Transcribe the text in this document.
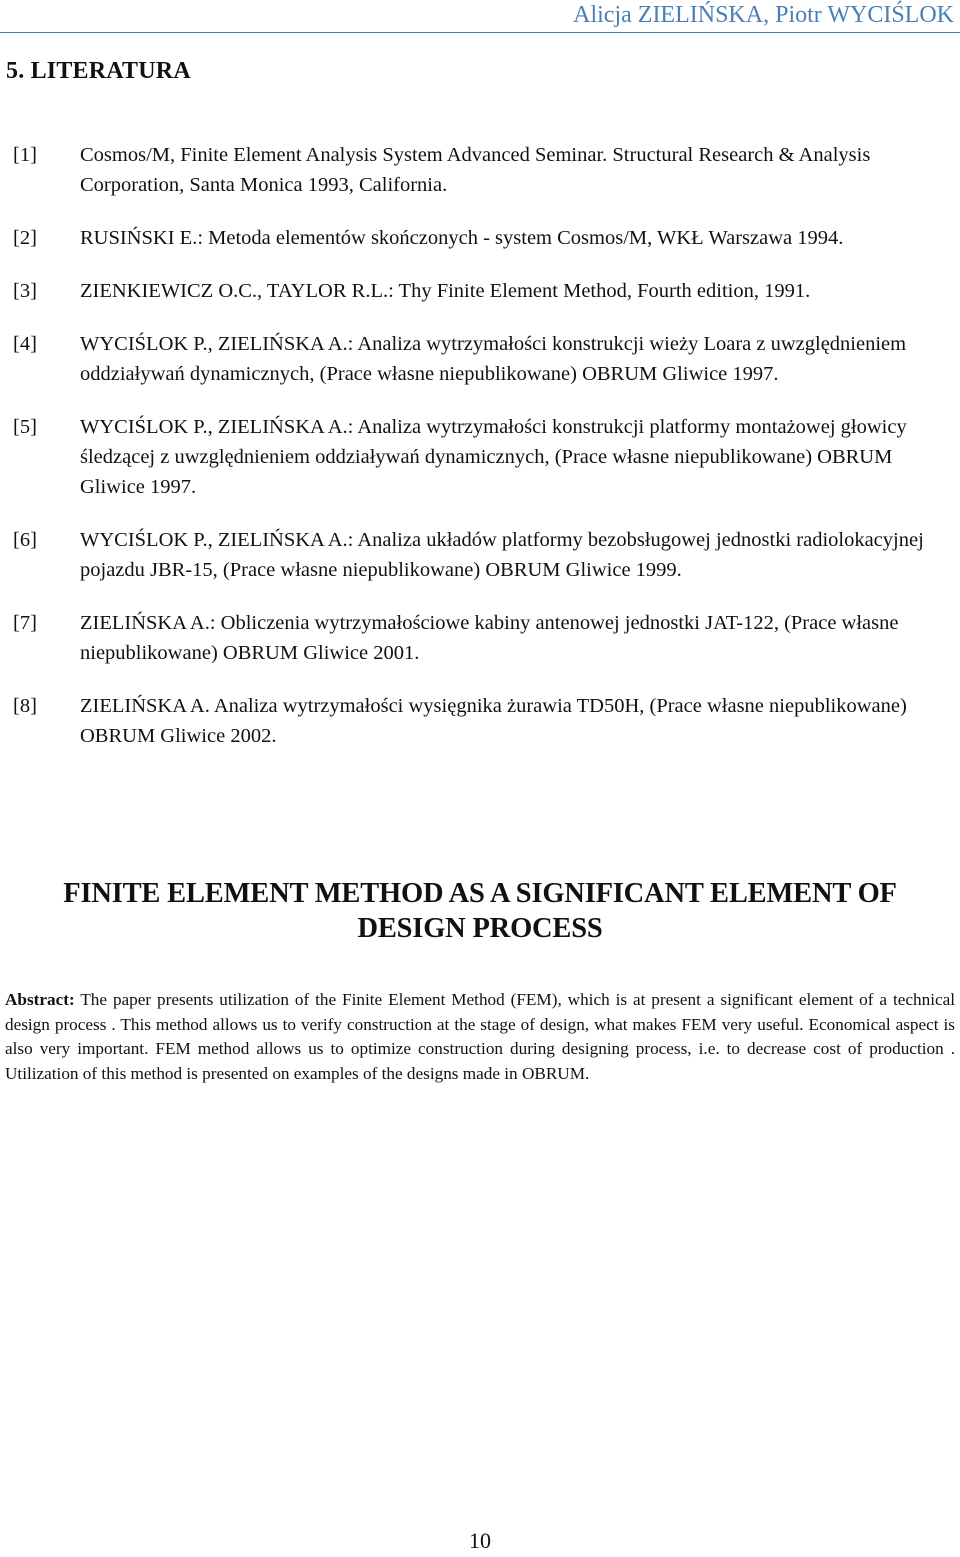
Alicja ZIELIŃSKA, Piotr WYCIŚLOK
5. LITERATURA
[1] Cosmos/M, Finite Element Analysis System Advanced Seminar. Structural Research & Analysis Corporation, Santa Monica 1993, California.
[2] RUSIŃSKI E.: Metoda elementów skończonych - system Cosmos/M, WKŁ Warszawa 1994.
[3] ZIENKIEWICZ O.C., TAYLOR R.L.: Thy Finite Element Method, Fourth edition, 1991.
[4] WYCIŚLOK P., ZIELIŃSKA A.: Analiza wytrzymałości konstrukcji wieży Loara z uwzględnieniem oddziaływań dynamicznych, (Prace własne niepublikowane) OBRUM Gliwice 1997.
[5] WYCIŚLOK P., ZIELIŃSKA A.: Analiza wytrzymałości konstrukcji platformy montażowej głowicy śledzącej z uwzględnieniem oddziaływań dynamicznych, (Prace własne niepublikowane) OBRUM Gliwice 1997.
[6] WYCIŚLOK P., ZIELIŃSKA A.: Analiza układów platformy bezobsługowej jednostki radiolokacyjnej pojazdu JBR-15, (Prace własne niepublikowane) OBRUM Gliwice 1999.
[7] ZIELIŃSKA A.: Obliczenia wytrzymałościowe kabiny antenowej jednostki JAT-122, (Prace własne niepublikowane) OBRUM Gliwice 2001.
[8] ZIELIŃSKA A. Analiza wytrzymałości wysięgnika żurawia TD50H, (Prace własne niepublikowane) OBRUM Gliwice 2002.
FINITE ELEMENT METHOD AS A SIGNIFICANT ELEMENT OF
DESIGN PROCESS
Abstract: The paper presents utilization of the Finite Element Method (FEM), which is at present a significant element of a technical design process . This method allows us to verify construction at the stage of design, what makes FEM very useful. Economical aspect is also very important. FEM method allows us to optimize construction during designing process, i.e. to decrease cost of production . Utilization of this method is presented on examples of the designs made in OBRUM.
10
